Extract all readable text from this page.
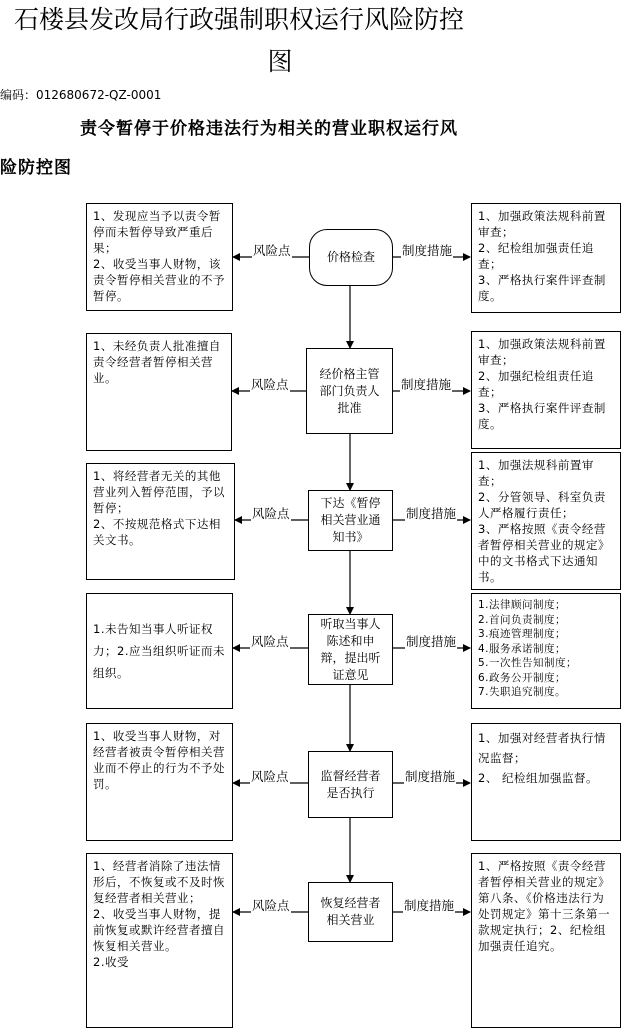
石楼县发改局行政强制职权运行风险防控
图
编码：012680672-QZ-0001
责令暂停于价格违法行为相关的营业职权运行风
险防控图
1、发现应当予以责令暂停而未暂停导致严重后果；
2、收受当事人财物，该责令暂停相关营业的不予暂停。
价格检查
1、加强政策法规科前置审查；
2、纪检组加强责任追查；
3、严格执行案件评查制度。
风险点	制度措施
1、未经负责人批准擅自责令经营者暂停相关营业。	经价格主管部门负责人批准
1、加强政策法规科前置审查；
2、加强纪检组责任追查；
3、严格执行案件评查制度。
风险点	制度措施
1、将经营者无关的其他营业列入暂停范围，予以暂停；
2、不按规范格式下达相关文书。
下达《暂停相关营业通知书》
1、加强法规科前置审查；
2、分管领导、科室负责人严格履行责任；
3、严格按照《责令经营者暂停相关营业的规定》中的文书格式下达通知书。
风险点	制度措施
1.未告知当事人听证权力；2.应当组织听证而未组织。
听取当事人陈述和申辩，提出听证意见
1.法律顾问制度；
2.首问负责制度；
3.痕迹管理制度；
4.服务承诺制度；
5.一次性告知制度；
6.政务公开制度；
7.失职追究制度。
风险点	制度措施
1、收受当事人财物，对经营者被责令暂停相关营业而不停止的行为不予处罚。
监督经营者是否执行
1、加强对经营者执行情况监督；
2、 纪检组加强监督。
风险点	制度措施
1、经营者消除了违法情形后，不恢复或不及时恢复经营者相关营业；
2、收受当事人财物，提前恢复或默许经营者擅自恢复相关营业。
2.收受
恢复经营者相关营业
1、严格按照《责令经营者暂停相关营业的规定》第八条、《价格违法行为处罚规定》第十三条第一款规定执行；2、纪检组加强责任追究。
风险点	制度措施
